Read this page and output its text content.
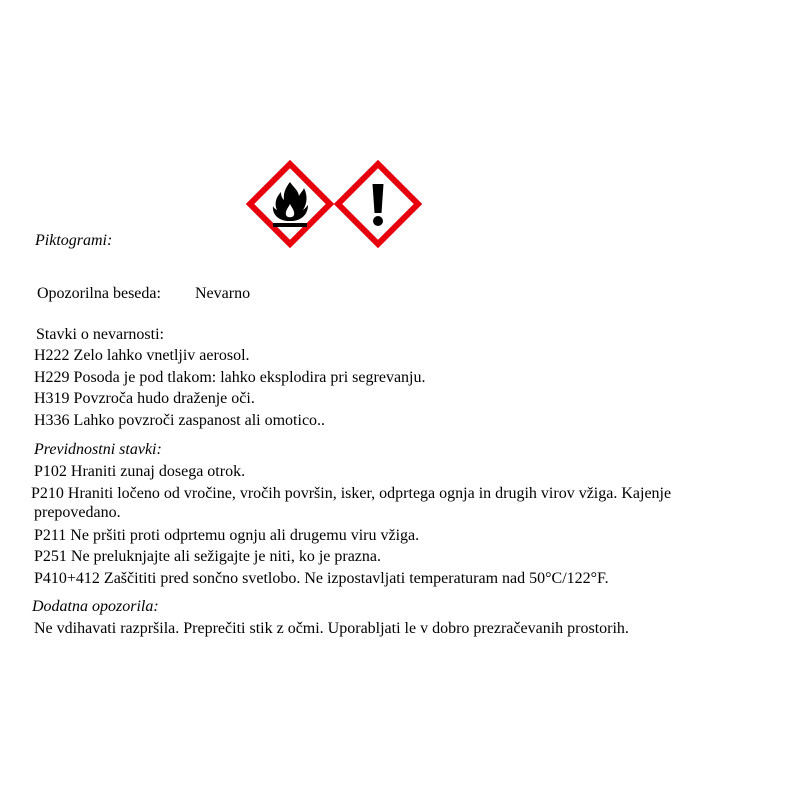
Piktogrami:
Opozorilna beseda: Nevarno
Stavki o nevarnosti:
H222 Zelo lahko vnetljiv aerosol.
H229 Posoda je pod tlakom: lahko eksplodira pri segrevanju.
H319 Povzroča hudo draženje oči.
H336 Lahko povzroči zaspanost ali omotico..
Previdnostni stavki:
P102 Hraniti zunaj dosega otrok.
P210 Hraniti ločeno od vročine, vročih površin, isker, odprtega ognja in drugih virov vžiga. Kajenje
prepovedano.
P211 Ne pršiti proti odprtemu ognju ali drugemu viru vžiga.
P251 Ne preluknjajte ali sežigajte je niti, ko je prazna.
P410+412 Zaščititi pred sončno svetlobo. Ne izpostavljati temperaturam nad 50°C/122°F.
Dodatna opozorila:
Ne vdihavati razpršila. Preprečiti stik z očmi. Uporabljati le v dobro prezračevanih prostorih.
